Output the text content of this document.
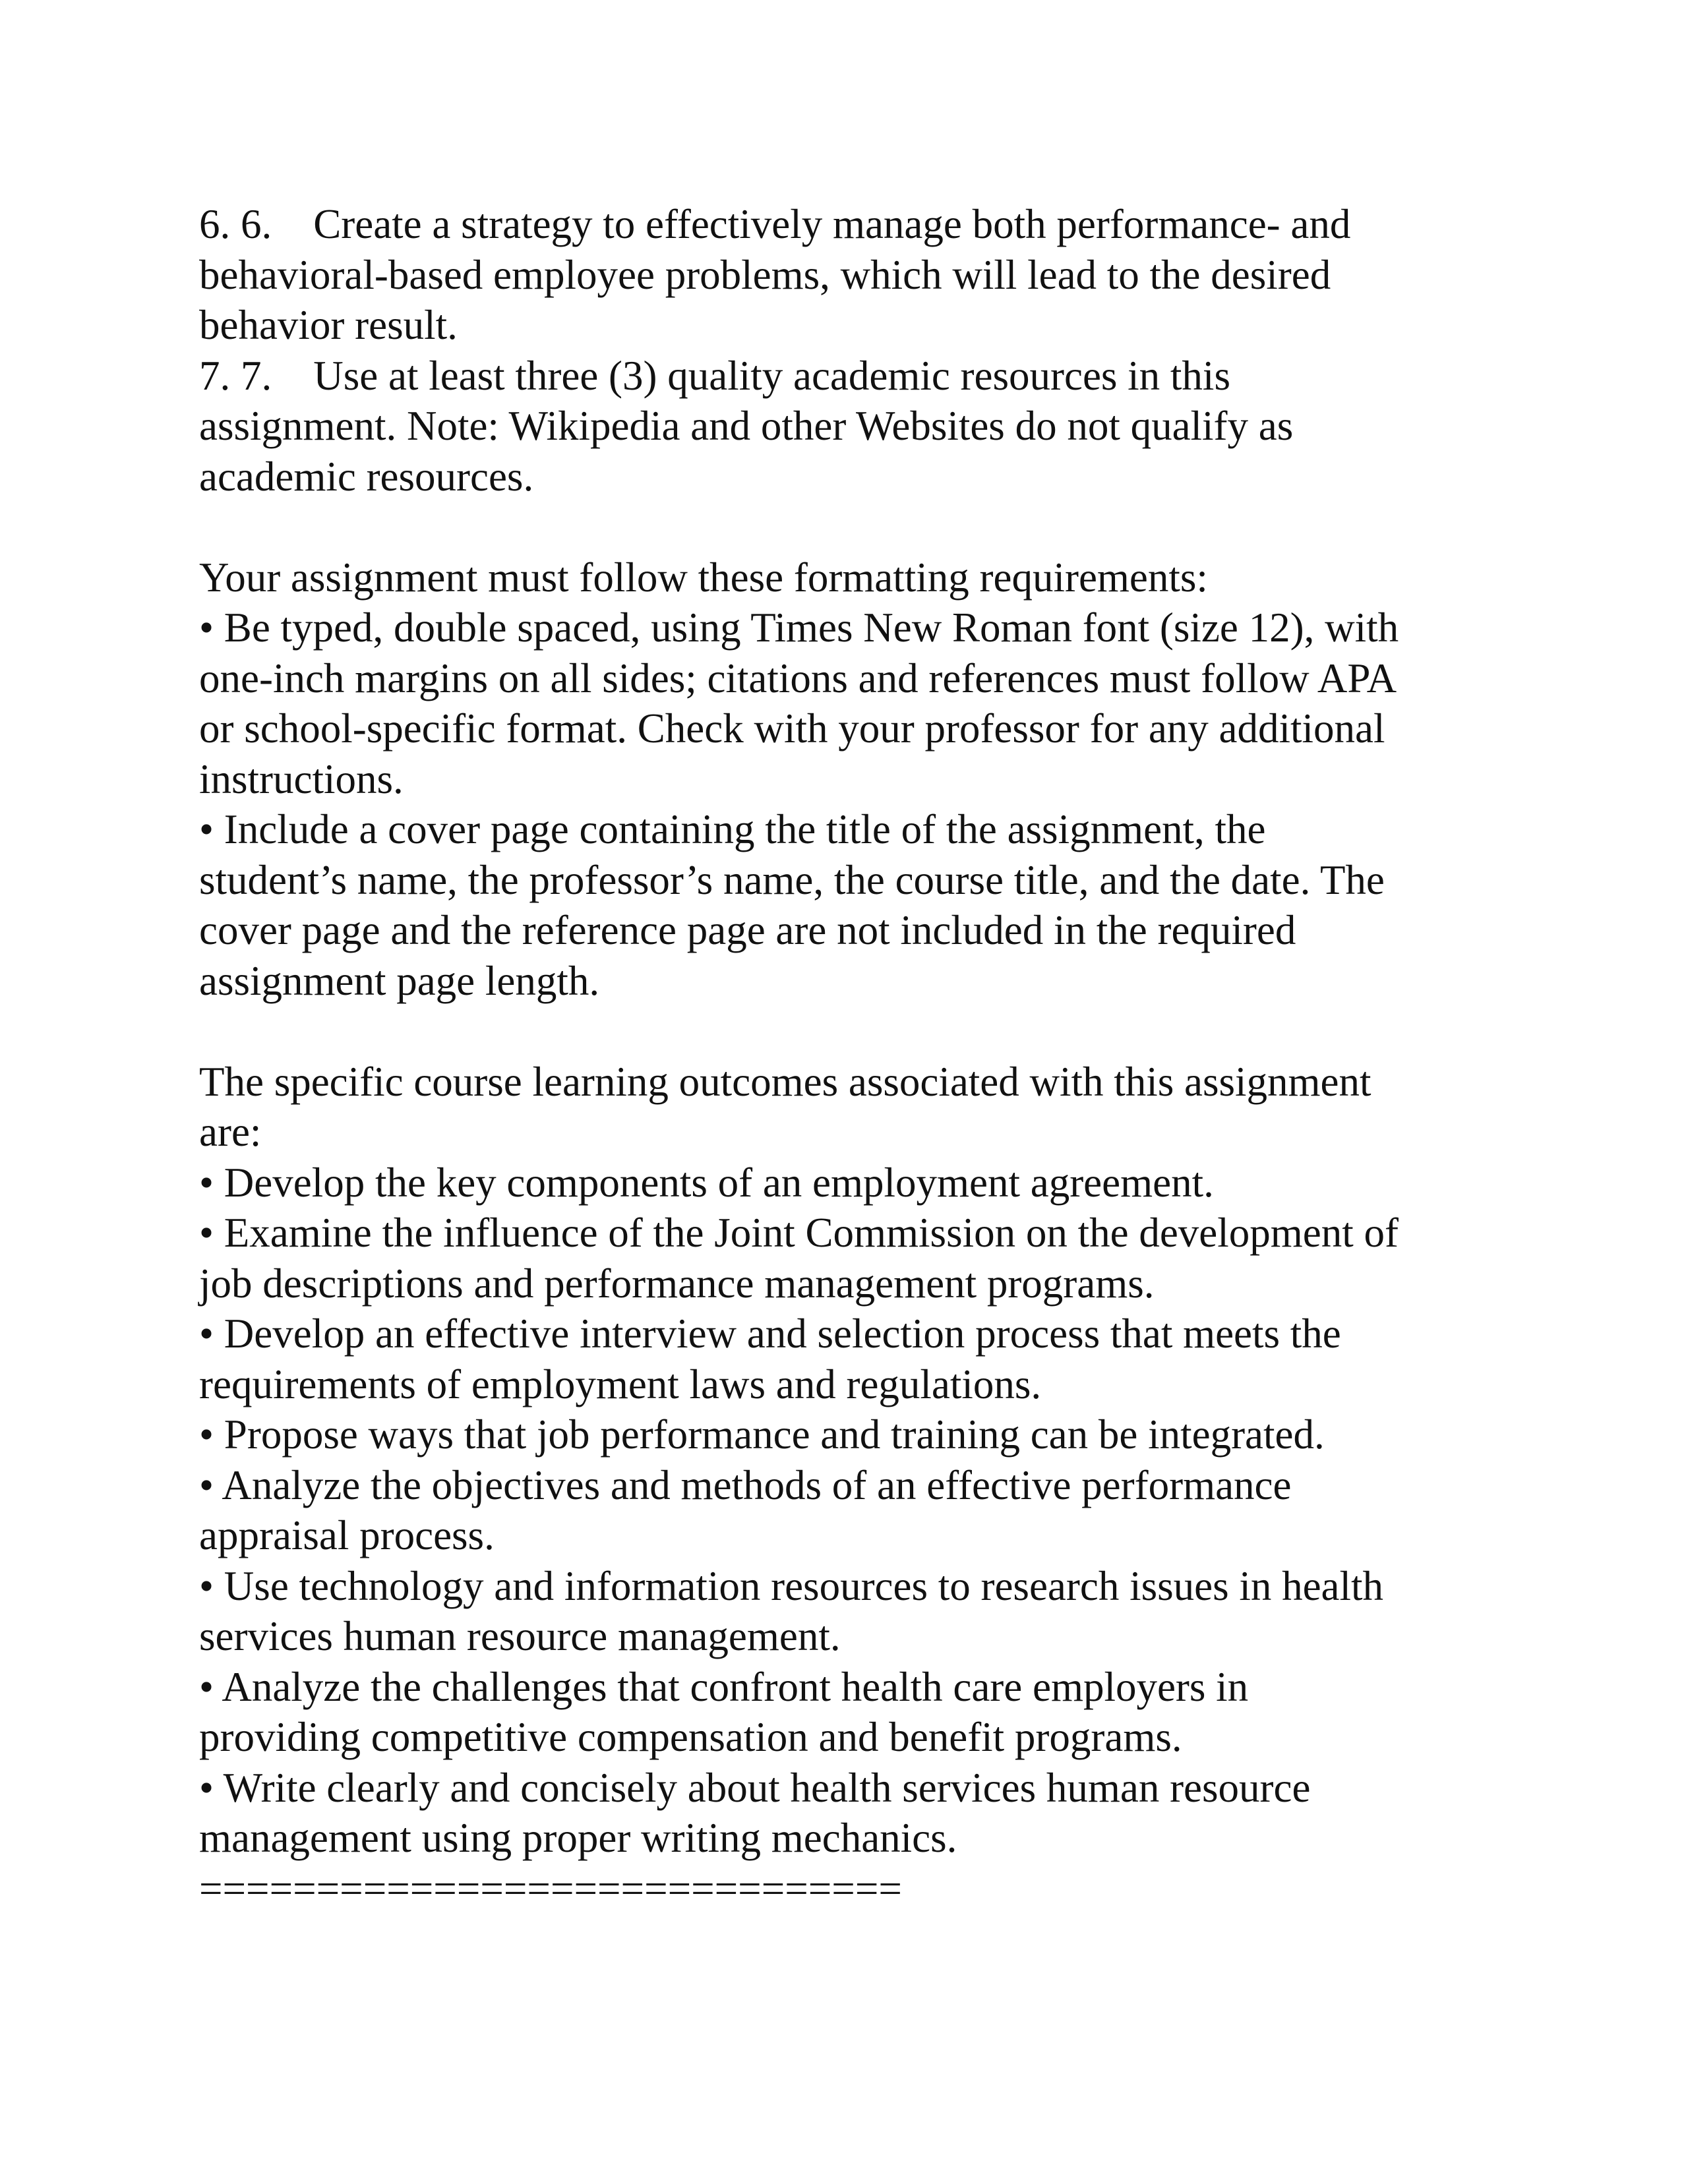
6. 6.    Create a strategy to effectively manage both performance- and
behavioral-based employee problems, which will lead to the desired
behavior result.
7. 7.    Use at least three (3) quality academic resources in this
assignment. Note: Wikipedia and other Websites do not qualify as
academic resources.
Your assignment must follow these formatting requirements:
• Be typed, double spaced, using Times New Roman font (size 12), with
one-inch margins on all sides; citations and references must follow APA
or school-specific format. Check with your professor for any additional
instructions.
• Include a cover page containing the title of the assignment, the
student’s name, the professor’s name, the course title, and the date. The
cover page and the reference page are not included in the required
assignment page length.
The specific course learning outcomes associated with this assignment
are:
• Develop the key components of an employment agreement.
• Examine the influence of the Joint Commission on the development of
job descriptions and performance management programs.
• Develop an effective interview and selection process that meets the
requirements of employment laws and regulations.
• Propose ways that job performance and training can be integrated.
• Analyze the objectives and methods of an effective performance
appraisal process.
• Use technology and information resources to research issues in health
services human resource management.
• Analyze the challenges that confront health care employers in
providing competitive compensation and benefit programs.
• Write clearly and concisely about health services human resource
management using proper writing mechanics.
==============================
